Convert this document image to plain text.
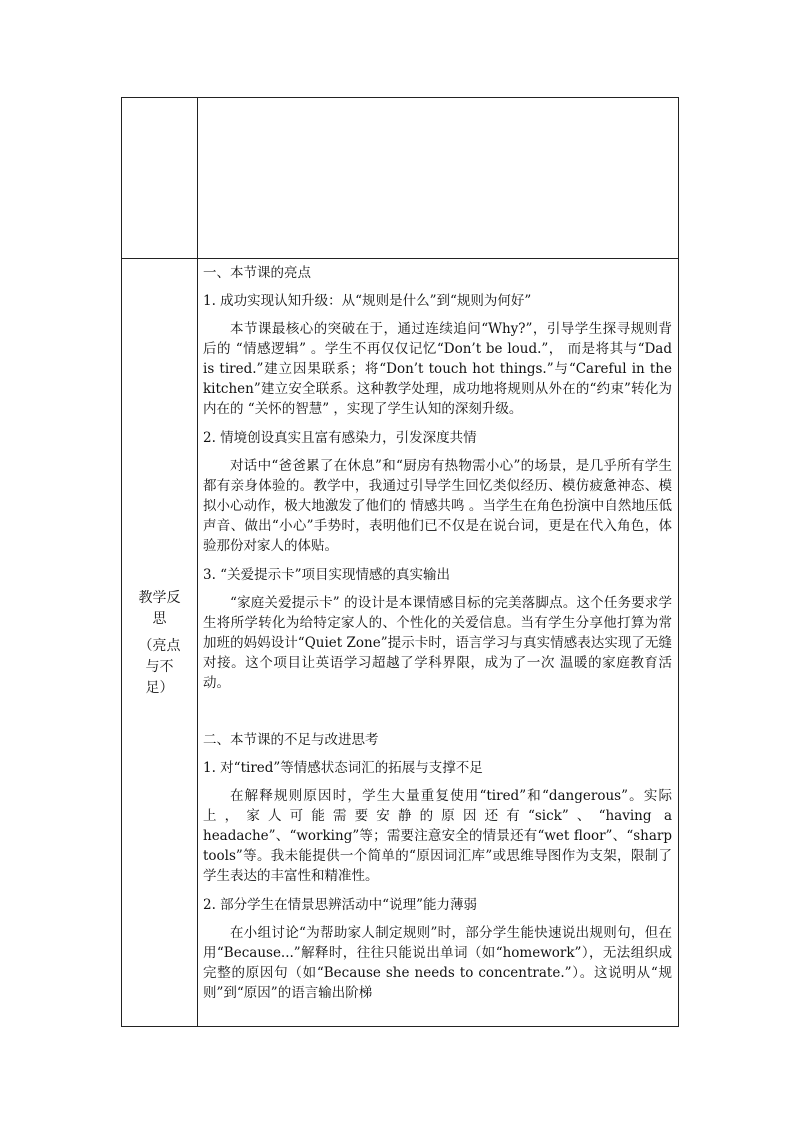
教学反
思
（亮点
与不
足）

一、本节课的亮点

1. 成功实现认知升级：从“规则是什么”到“规则为何好”

本节课最核心的突破在于，通过连续追问“Why?”，引导学生探寻规则背后的 “情感逻辑” 。学生不再仅仅记忆“Don’t be loud.”， 而是将其与“Dad is tired.”建立因果联系；将“Don’t touch hot things.”与“Careful in the kitchen”建立安全联系。这种教学处理，成功地将规则从外在的“约束”转化为内在的 “关怀的智慧” ，实现了学生认知的深刻升级。

2. 情境创设真实且富有感染力，引发深度共情

对话中“爸爸累了在休息”和“厨房有热物需小心”的场景，是几乎所有学生都有亲身体验的。教学中，我通过引导学生回忆类似经历、模仿疲惫神态、模拟小心动作，极大地激发了他们的 情感共鸣 。当学生在角色扮演中自然地压低声音、做出“小心”手势时，表明他们已不仅是在说台词，更是在代入角色，体验那份对家人的体贴。

3. “关爱提示卡”项目实现情感的真实输出

“家庭关爱提示卡” 的设计是本课情感目标的完美落脚点。这个任务要求学生将所学转化为给特定家人的、个性化的关爱信息。当有学生分享他打算为常加班的妈妈设计“Quiet Zone”提示卡时，语言学习与真实情感表达实现了无缝对接。这个项目让英语学习超越了学科界限，成为了一次 温暖的家庭教育活动。

二、本节课的不足与改进思考

1. 对“tired”等情感状态词汇的拓展与支撑不足

在解释规则原因时，学生大量重复使用“tired”和“dangerous”。实际上，家人可能需要安静的原因还有“sick”、“having a headache”、“working”等；需要注意安全的情景还有“wet floor”、“sharp tools”等。我未能提供一个简单的“原因词汇库”或思维导图作为支架，限制了学生表达的丰富性和精准性。

2. 部分学生在情景思辨活动中“说理”能力薄弱

在小组讨论“为帮助家人制定规则”时，部分学生能快速说出规则句，但在用“Because...”解释时，往往只能说出单词（如“homework”），无法组织成完整的原因句（如“Because she needs to concentrate.”）。这说明从“规则”到“原因”的语言输出阶梯
